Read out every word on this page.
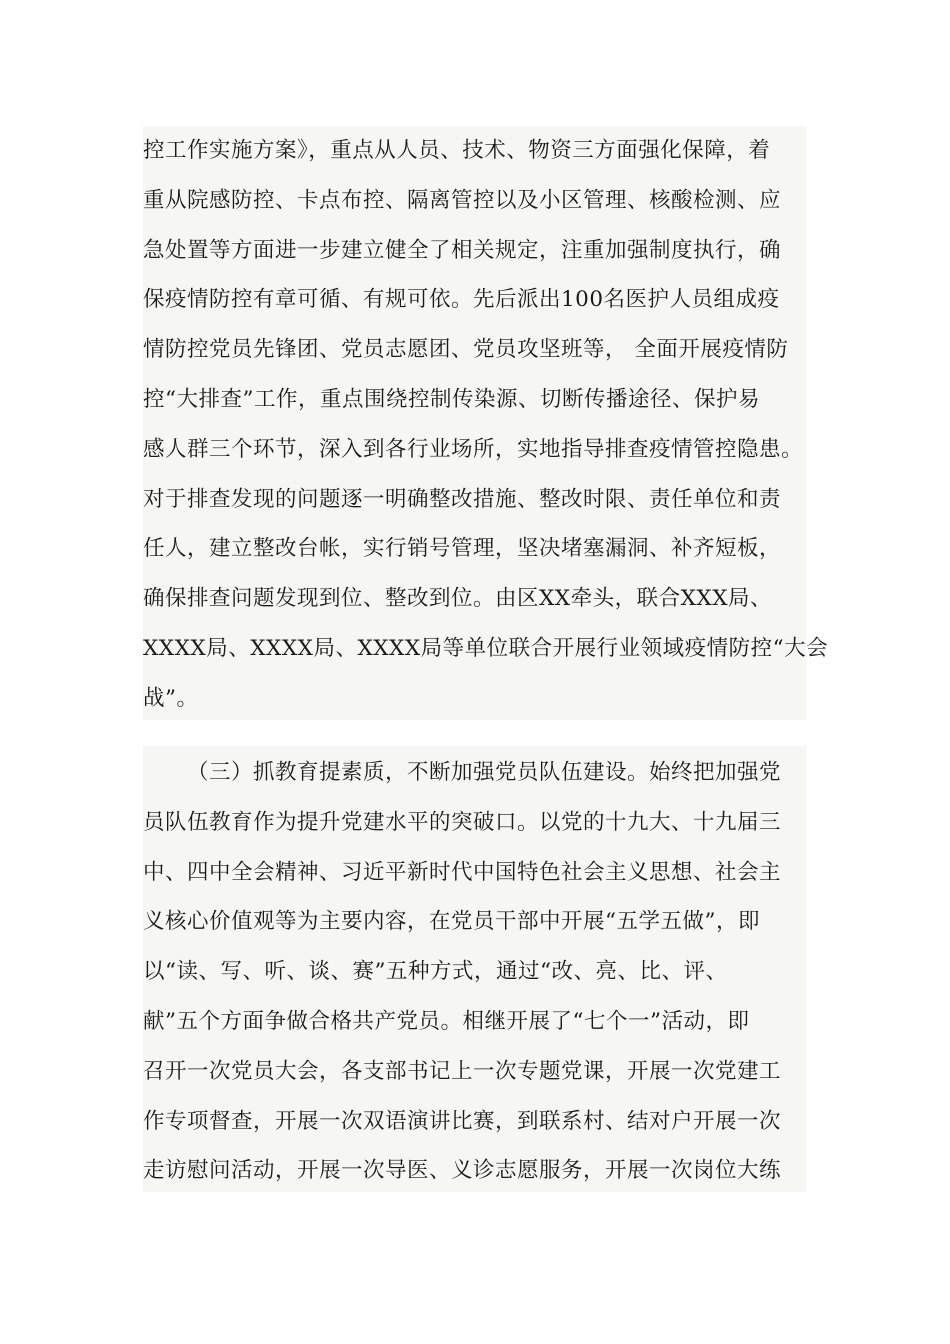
控工作实施方案》，重点从人员、技术、物资三方面强化保障，着
重从院感防控、卡点布控、隔离管控以及小区管理、核酸检测、应
急处置等方面进一步建立健全了相关规定，注重加强制度执行，确
保疫情防控有章可循、有规可依。先后派出100名医护人员组成疫
情防控党员先锋团、党员志愿团、党员攻坚班等， 全面开展疫情防
控“大排查”工作，重点围绕控制传染源、切断传播途径、保护易
感人群三个环节，深入到各行业场所，实地指导排查疫情管控隐患。
对于排查发现的问题逐一明确整改措施、整改时限、责任单位和责
任人，建立整改台帐，实行销号管理，坚决堵塞漏洞、补齐短板，
确保排查问题发现到位、整改到位。由区XX牵头，联合XXX局、
XXXX局、XXXX局、XXXX局等单位联合开展行业领域疫情防控“大会
战”。
（三）抓教育提素质，不断加强党员队伍建设。始终把加强党
员队伍教育作为提升党建水平的突破口。以党的十九大、十九届三
中、四中全会精神、习近平新时代中国特色社会主义思想、社会主
义核心价值观等为主要内容，在党员干部中开展“五学五做”，即
以“读、写、听、谈、赛”五种方式，通过“改、亮、比、评、
献”五个方面争做合格共产党员。相继开展了“七个一”活动，即
召开一次党员大会，各支部书记上一次专题党课，开展一次党建工
作专项督查，开展一次双语演讲比赛，到联系村、结对户开展一次
走访慰问活动，开展一次导医、义诊志愿服务，开展一次岗位大练
